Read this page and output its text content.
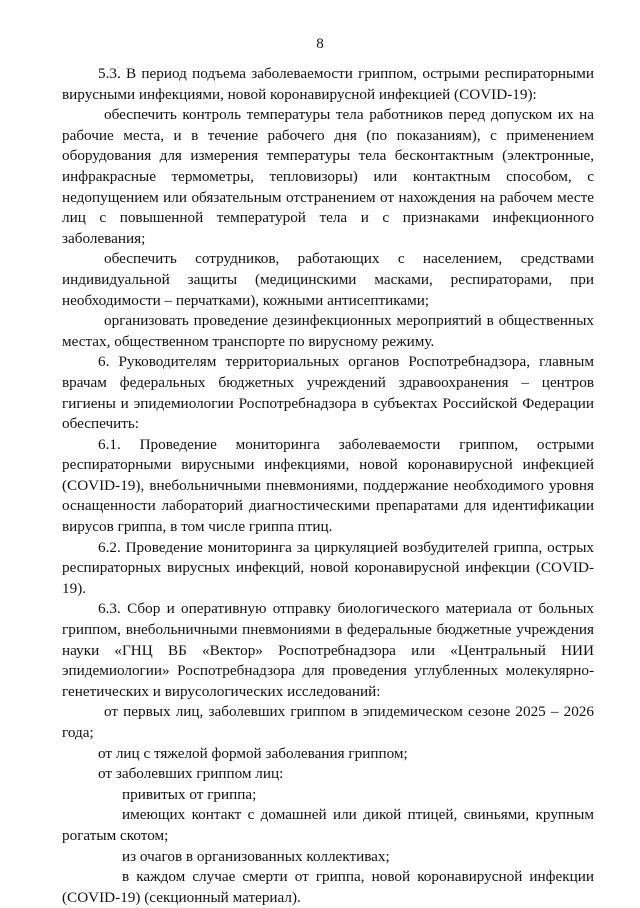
8

5.3. В период подъема заболеваемости гриппом, острыми респираторными вирусными инфекциями, новой коронавирусной инфекцией (COVID-19):

обеспечить контроль температуры тела работников перед допуском их на рабочие места, и в течение рабочего дня (по показаниям), с применением оборудования для измерения температуры тела бесконтактным (электронные, инфракрасные термометры, тепловизоры) или контактным способом, с недопущением или обязательным отстранением от нахождения на рабочем месте лиц с повышенной температурой тела и с признаками инфекционного заболевания;

обеспечить сотрудников, работающих с населением, средствами индивидуальной защиты (медицинскими масками, респираторами, при необходимости – перчатками), кожными антисептиками;

организовать проведение дезинфекционных мероприятий в общественных местах, общественном транспорте по вирусному режиму.

6. Руководителям территориальных органов Роспотребнадзора, главным врачам федеральных бюджетных учреждений здравоохранения – центров гигиены и эпидемиологии Роспотребнадзора в субъектах Российской Федерации обеспечить:

6.1. Проведение мониторинга заболеваемости гриппом, острыми респираторными вирусными инфекциями, новой коронавирусной инфекцией (COVID-19), внебольничными пневмониями, поддержание необходимого уровня оснащенности лабораторий диагностическими препаратами для идентификации вирусов гриппа, в том числе гриппа птиц.

6.2. Проведение мониторинга за циркуляцией возбудителей гриппа, острых респираторных вирусных инфекций, новой коронавирусной инфекции (COVID-19).

6.3. Сбор и оперативную отправку биологического материала от больных гриппом, внебольничными пневмониями в федеральные бюджетные учреждения науки «ГНЦ ВБ «Вектор» Роспотребнадзора или «Центральный НИИ эпидемиологии» Роспотребнадзора для проведения углубленных молекулярно-генетических и вирусологических исследований:

от первых лиц, заболевших гриппом в эпидемическом сезоне 2025 – 2026 года;

от лиц с тяжелой формой заболевания гриппом;

от заболевших гриппом лиц:

привитых от гриппа;

имеющих контакт с домашней или дикой птицей, свиньями, крупным рогатым скотом;

из очагов в организованных коллективах;

в каждом случае смерти от гриппа, новой коронавирусной инфекции (COVID-19) (секционный материал).
